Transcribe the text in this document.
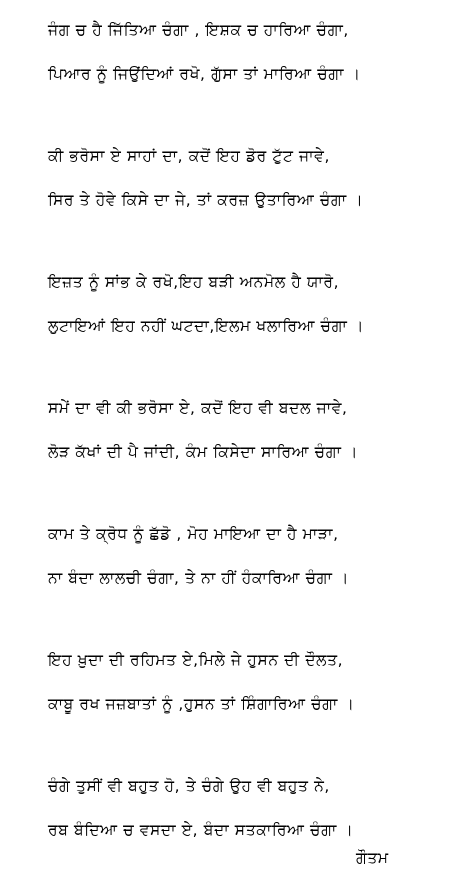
ਜੰਗ ਚ ਹੈ ਜਿੱਤਿਆ ਚੰਗਾ , ਇਸ਼ਕ ਚ ਹਾਰਿਆ ਚੰਗਾ,
ਪਿਆਰ ਨੂੰ ਜਿਉਂਦਿਆਂ ਰਖੋ, ਗੁੱਸਾ ਤਾਂ ਮਾਰਿਆ ਚੰਗਾ ।
ਕੀ ਭਰੋਸਾ ਏ ਸਾਹਾਂ ਦਾ, ਕਦੋਂ ਇਹ ਡੋਰ ਟੁੱਟ ਜਾਵੇ,
ਸਿਰ ਤੇ ਹੋਵੇ ਕਿਸੇ ਦਾ ਜੇ, ਤਾਂ ਕਰਜ਼ ਉਤਾਰਿਆ ਚੰਗਾ ।
ਇਜ਼ਤ ਨੂੰ ਸਾਂਭ ਕੇ ਰਖੋ,ਇਹ ਬੜੀ ਅਨਮੋਲ ਹੈ ਯਾਰੋ,
ਲੁਟਾਇਆਂ ਇਹ ਨਹੀਂ ਘਟਦਾ,ਇਲਮ ਖਲਾਰਿਆ ਚੰਗਾ ।
ਸਮੇਂ ਦਾ ਵੀ ਕੀ ਭਰੋਸਾ ਏ, ਕਦੋਂ ਇਹ ਵੀ ਬਦਲ ਜਾਵੇ,
ਲੋੜ ਕੱਖਾਂ ਦੀ ਪੈ ਜਾਂਦੀ, ਕੰਮ ਕਿਸੇਦਾ ਸਾਰਿਆ ਚੰਗਾ ।
ਕਾਮ ਤੇ ਕ੍ਰੋਧ ਨੂੰ ਛੱਡੋ , ਮੋਹ ਮਾਇਆ ਦਾ ਹੈ ਮਾੜਾ,
ਨਾ ਬੰਦਾ ਲਾਲਚੀ ਚੰਗਾ, ਤੇ ਨਾ ਹੀਂ ਹੰਕਾਰਿਆ ਚੰਗਾ ।
ਇਹ ਖ਼ੁਦਾ ਦੀ ਰਹਿਮਤ ਏ,ਮਿਲੇ ਜੇ ਹੁਸਨ ਦੀ ਦੌਲਤ,
ਕਾਬੂ ਰਖ ਜਜ਼ਬਾਤਾਂ ਨੂੰ ,ਹੁਸਨ ਤਾਂ ਸ਼ਿੰਗਾਰਿਆ ਚੰਗਾ ।
ਚੰਗੇ ਤੁਸੀਂ ਵੀ ਬਹੁਤ ਹੋ, ਤੇ ਚੰਗੇ ਉਹ ਵੀ ਬਹੁਤ ਨੇ,
ਰਬ ਬੰਦਿਆ ਚ ਵਸਦਾ ਏ, ਬੰਦਾ ਸਤਕਾਰਿਆ ਚੰਗਾ ।
ਗੌਤਮ
